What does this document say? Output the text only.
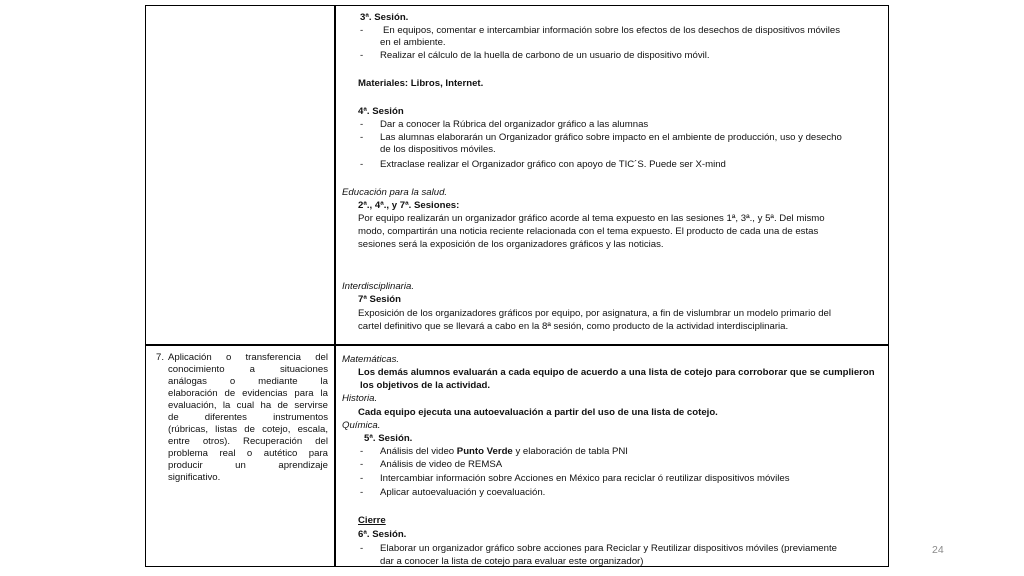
3ª. Sesión.
- En equipos, comentar e intercambiar información sobre los efectos de los desechos de dispositivos móviles
en el ambiente.
- Realizar el cálculo de la huella de carbono de un usuario de dispositivo móvil.
Materiales: Libros, Internet.
4ª. Sesión
- Dar a conocer la Rúbrica del organizador gráfico a las alumnas
- Las alumnas elaborarán un Organizador gráfico sobre impacto en el ambiente de producción, uso y desecho
de los dispositivos móviles.
- Extraclase realizar el Organizador gráfico con apoyo de TIC´S. Puede ser X-mind
Educación para la salud.
2ª., 4ª., y 7ª. Sesiones:
Por equipo realizarán un organizador gráfico acorde al tema expuesto en las sesiones 1ª, 3ª., y 5ª. Del mismo
modo, compartirán una noticia reciente relacionada con el tema expuesto. El producto de cada una de estas
sesiones será la exposición de los organizadores gráficos y las noticias.
Interdisciplinaria.
7ª Sesión
Exposición de los organizadores gráficos por equipo, por asignatura, a fin de vislumbrar un modelo primario del
cartel definitivo que se llevará a cabo en la 8ª sesión, como producto de la actividad interdisciplinaria.
7. Aplicación o transferencia del
conocimiento a situaciones
análogas o mediante la
elaboración de evidencias para la
evaluación, la cual ha de servirse
de diferentes instrumentos
(rúbricas, listas de cotejo, escala,
entre otros). Recuperación del
problema real o autético para
producir un aprendizaje
significativo.
Matemáticas.
Los demás alumnos evaluarán a cada equipo de acuerdo a una lista de cotejo para corroborar que se cumplieron
los objetivos de la actividad.
Historia.
Cada equipo ejecuta una autoevaluación a partir del uso de una lista de cotejo.
Química.
5ª. Sesión.
- Análisis del video Punto Verde y elaboración de tabla PNI
- Análisis de video de REMSA
- Intercambiar información sobre Acciones en México para reciclar ó reutilizar dispositivos móviles
- Aplicar autoevaluación y coevaluación.
Cierre
6ª. Sesión.
- Elaborar un organizador gráfico sobre acciones para Reciclar y Reutilizar dispositivos móviles (previamente
dar a conocer la lista de cotejo para evaluar este organizador)
24
